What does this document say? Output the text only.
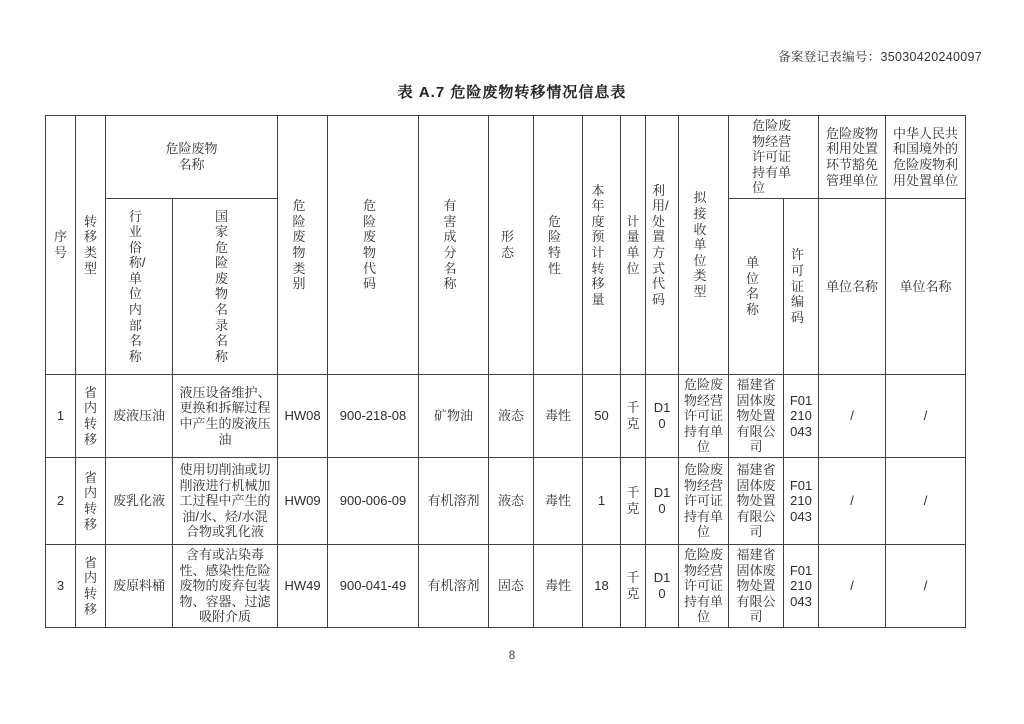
备案登记表编号：35030420240097
表 A.7 危险废物转移情况信息表
序号	转移类型	危险废物名称		危险废物类别	危险废物代码	有害成分名称	形态	危险特性	本年度预计转移量	计量单位	利用/处置方式代码	拟接收单位类型	危险废物经营许可证持有单位		危险废物利用处置环节豁免管理单位	中华人民共和国境外的危险废物利用处置单位
		行业俗称/单位内部名称	国家危险废物名录名称										单位名称	许可证编码	单位名称	单位名称
1	省内转移	废液压油	液压设备维护、更换和拆解过程中产生的废液压油	HW08	900-218-08	矿物油	液态	毒性	50	千克	D10	危险废物经营许可证持有单位	福建省固体废物处置有限公司	F01210043	/	/
2	省内转移	废乳化液	使用切削油或切削液进行机械加工过程中产生的油/水、烃/水混合物或乳化液	HW09	900-006-09	有机溶剂	液态	毒性	1	千克	D10	危险废物经营许可证持有单位	福建省固体废物处置有限公司	F01210043	/	/
3	省内转移	废原料桶	含有或沾染毒性、感染性危险废物的废弃包装物、容器、过滤吸附介质	HW49	900-041-49	有机溶剂	固态	毒性	18	千克	D10	危险废物经营许可证持有单位	福建省固体废物处置有限公司	F01210043	/	/
8
